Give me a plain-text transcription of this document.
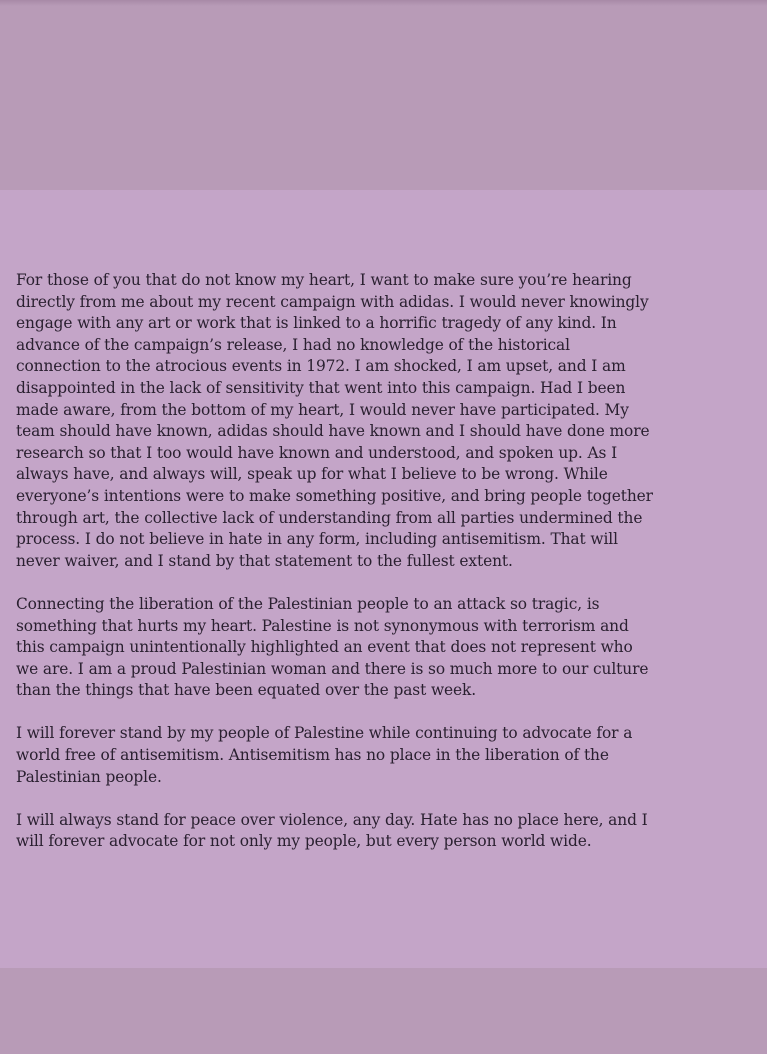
For those of you that do not know my heart, I want to make sure you’re hearing
directly from me about my recent campaign with adidas. I would never knowingly
engage with any art or work that is linked to a horrific tragedy of any kind. In
advance of the campaign’s release, I had no knowledge of the historical
connection to the atrocious events in 1972. I am shocked, I am upset, and I am
disappointed in the lack of sensitivity that went into this campaign. Had I been
made aware, from the bottom of my heart, I would never have participated. My
team should have known, adidas should have known and I should have done more
research so that I too would have known and understood, and spoken up. As I
always have, and always will, speak up for what I believe to be wrong. While
everyone’s intentions were to make something positive, and bring people together
through art, the collective lack of understanding from all parties undermined the
process. I do not believe in hate in any form, including antisemitism. That will
never waiver, and I stand by that statement to the fullest extent.

Connecting the liberation of the Palestinian people to an attack so tragic, is
something that hurts my heart. Palestine is not synonymous with terrorism and
this campaign unintentionally highlighted an event that does not represent who
we are. I am a proud Palestinian woman and there is so much more to our culture
than the things that have been equated over the past week.

I will forever stand by my people of Palestine while continuing to advocate for a
world free of antisemitism. Antisemitism has no place in the liberation of the
Palestinian people.

I will always stand for peace over violence, any day. Hate has no place here, and I
will forever advocate for not only my people, but every person world wide.
